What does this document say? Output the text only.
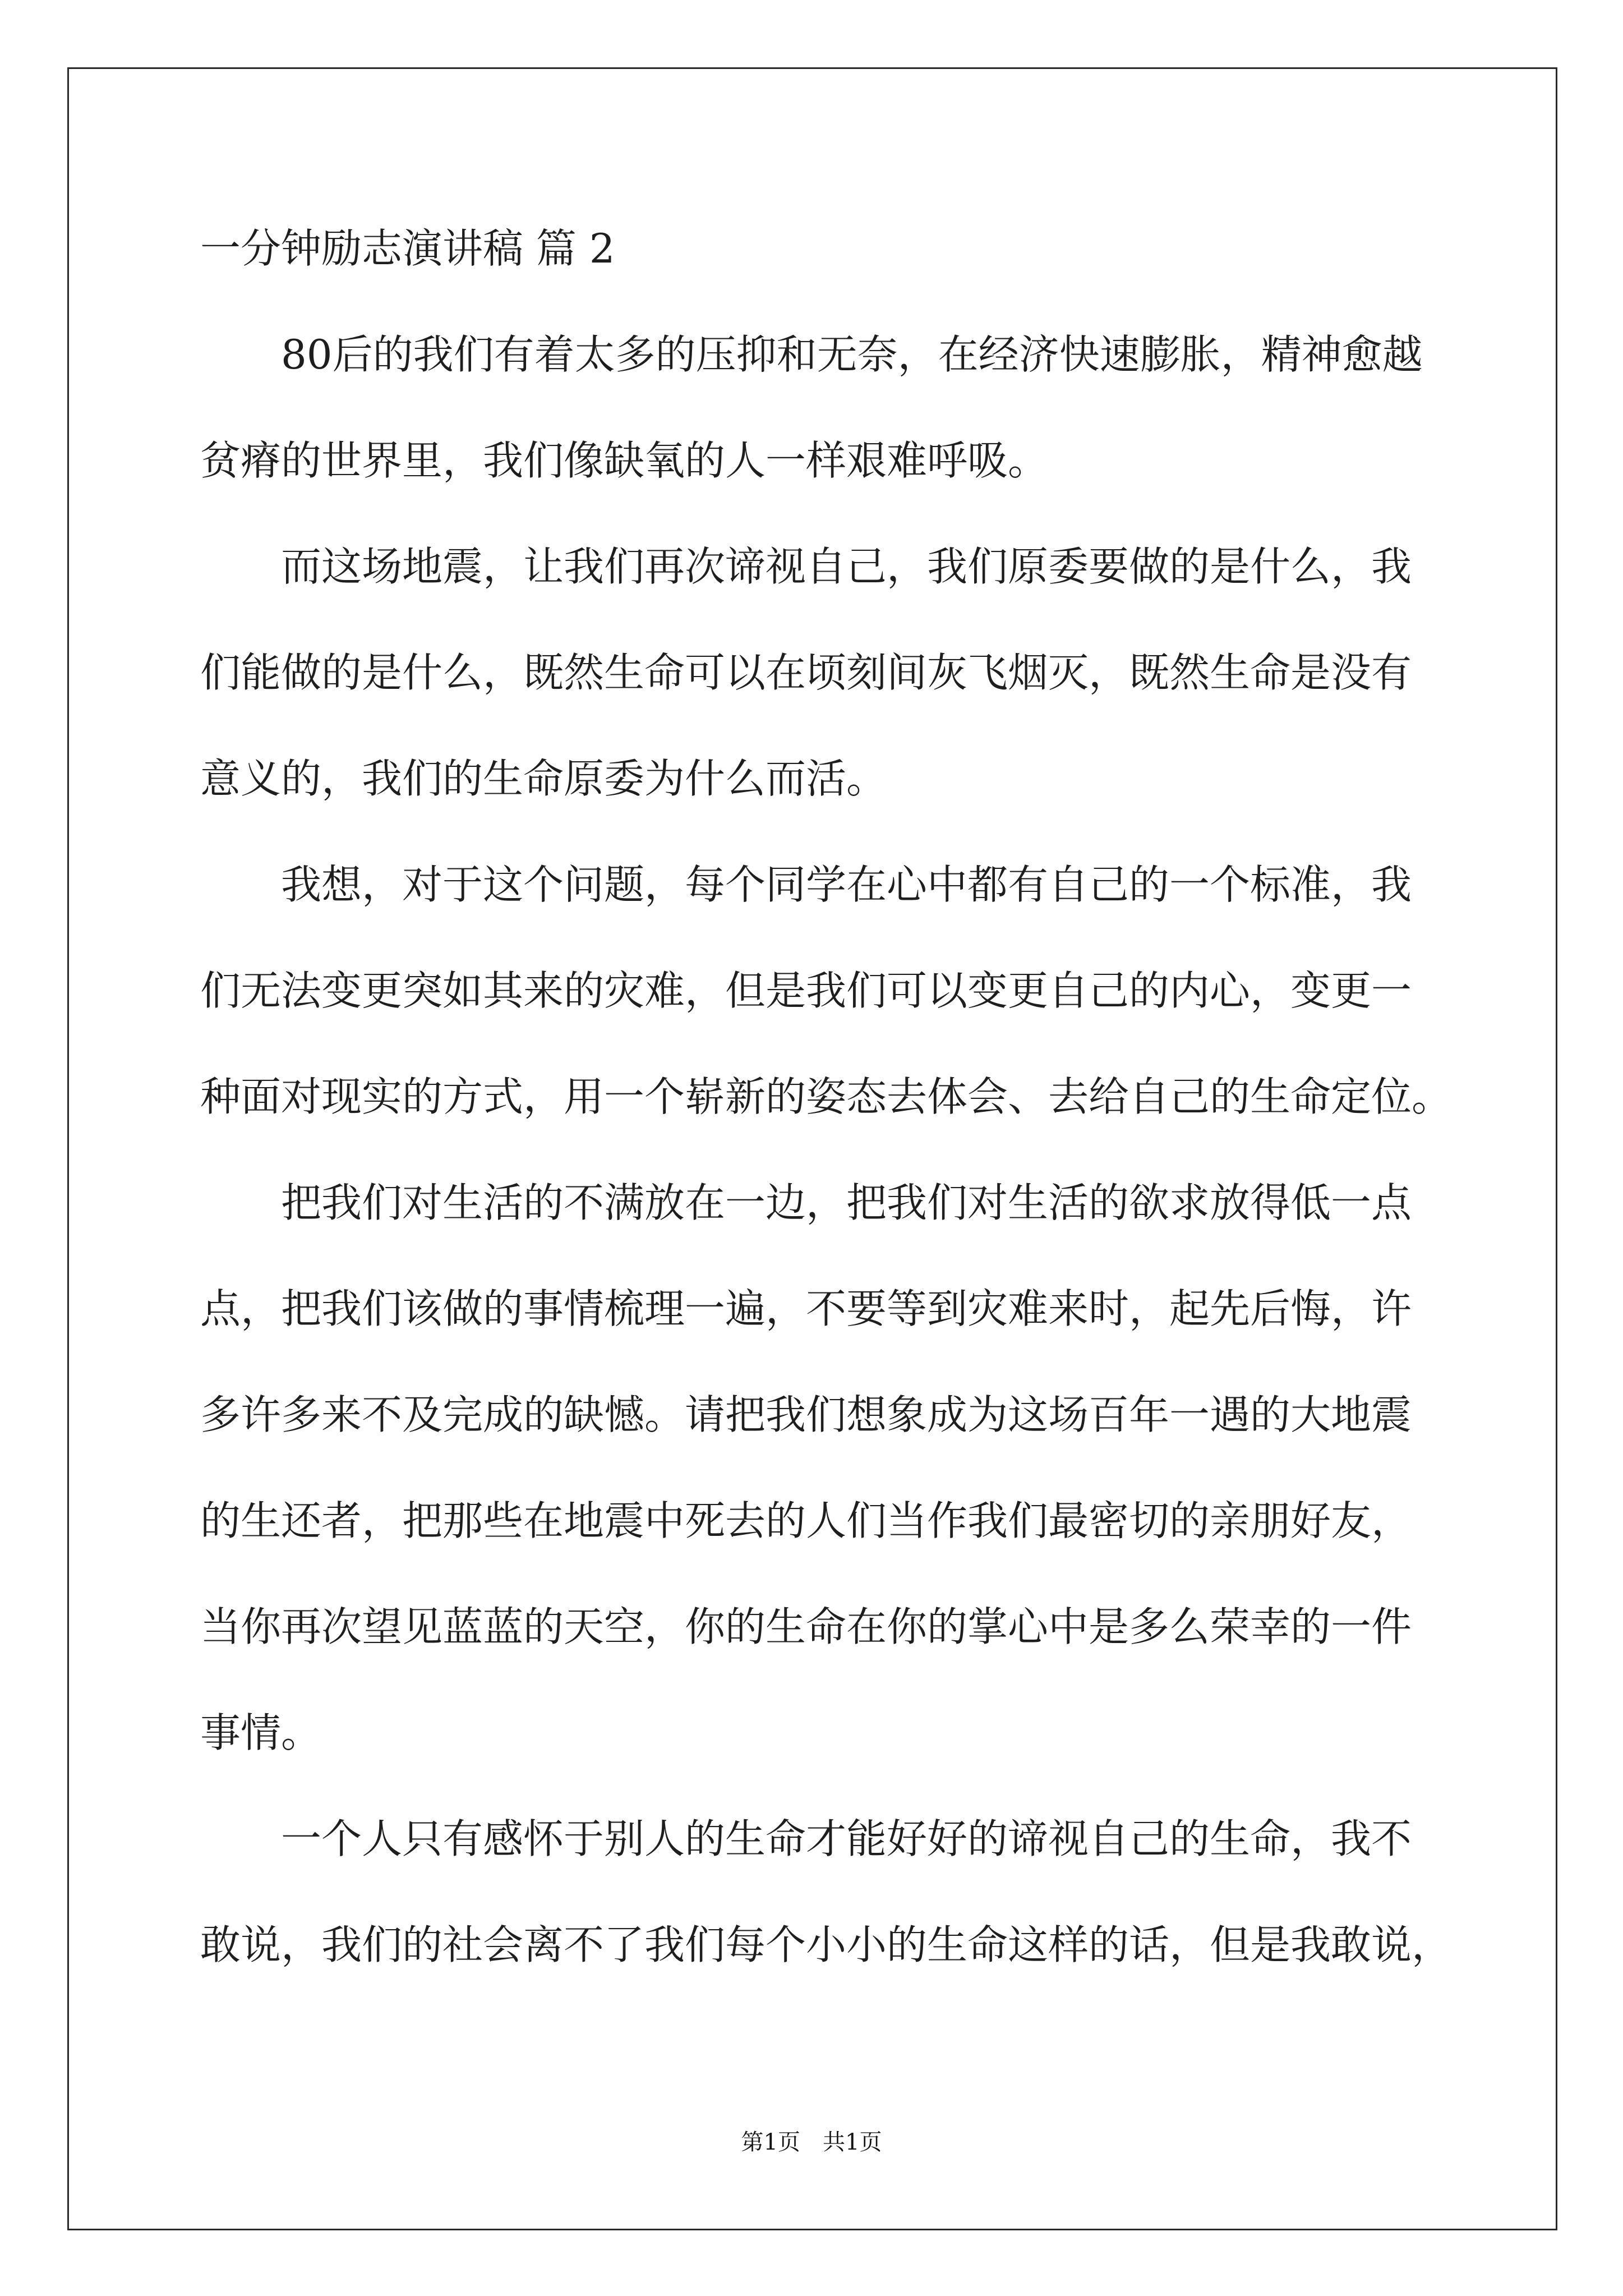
一分钟励志演讲稿 篇 2
80后的我们有着太多的压抑和无奈，在经济快速膨胀，精神愈越
贫瘠的世界里，我们像缺氧的人一样艰难呼吸。
而这场地震，让我们再次谛视自己，我们原委要做的是什么，我
们能做的是什么，既然生命可以在顷刻间灰飞烟灭，既然生命是没有
意义的，我们的生命原委为什么而活。
我想，对于这个问题，每个同学在心中都有自己的一个标准，我
们无法变更突如其来的灾难，但是我们可以变更自己的内心，变更一
种面对现实的方式，用一个崭新的姿态去体会、去给自己的生命定位。
把我们对生活的不满放在一边，把我们对生活的欲求放得低一点
点，把我们该做的事情梳理一遍，不要等到灾难来时，起先后悔，许
多许多来不及完成的缺憾。请把我们想象成为这场百年一遇的大地震
的生还者，把那些在地震中死去的人们当作我们最密切的亲朋好友，
当你再次望见蓝蓝的天空，你的生命在你的掌心中是多么荣幸的一件
事情。
一个人只有感怀于别人的生命才能好好的谛视自己的生命，我不
敢说，我们的社会离不了我们每个小小的生命这样的话，但是我敢说，
第1页　共1页
